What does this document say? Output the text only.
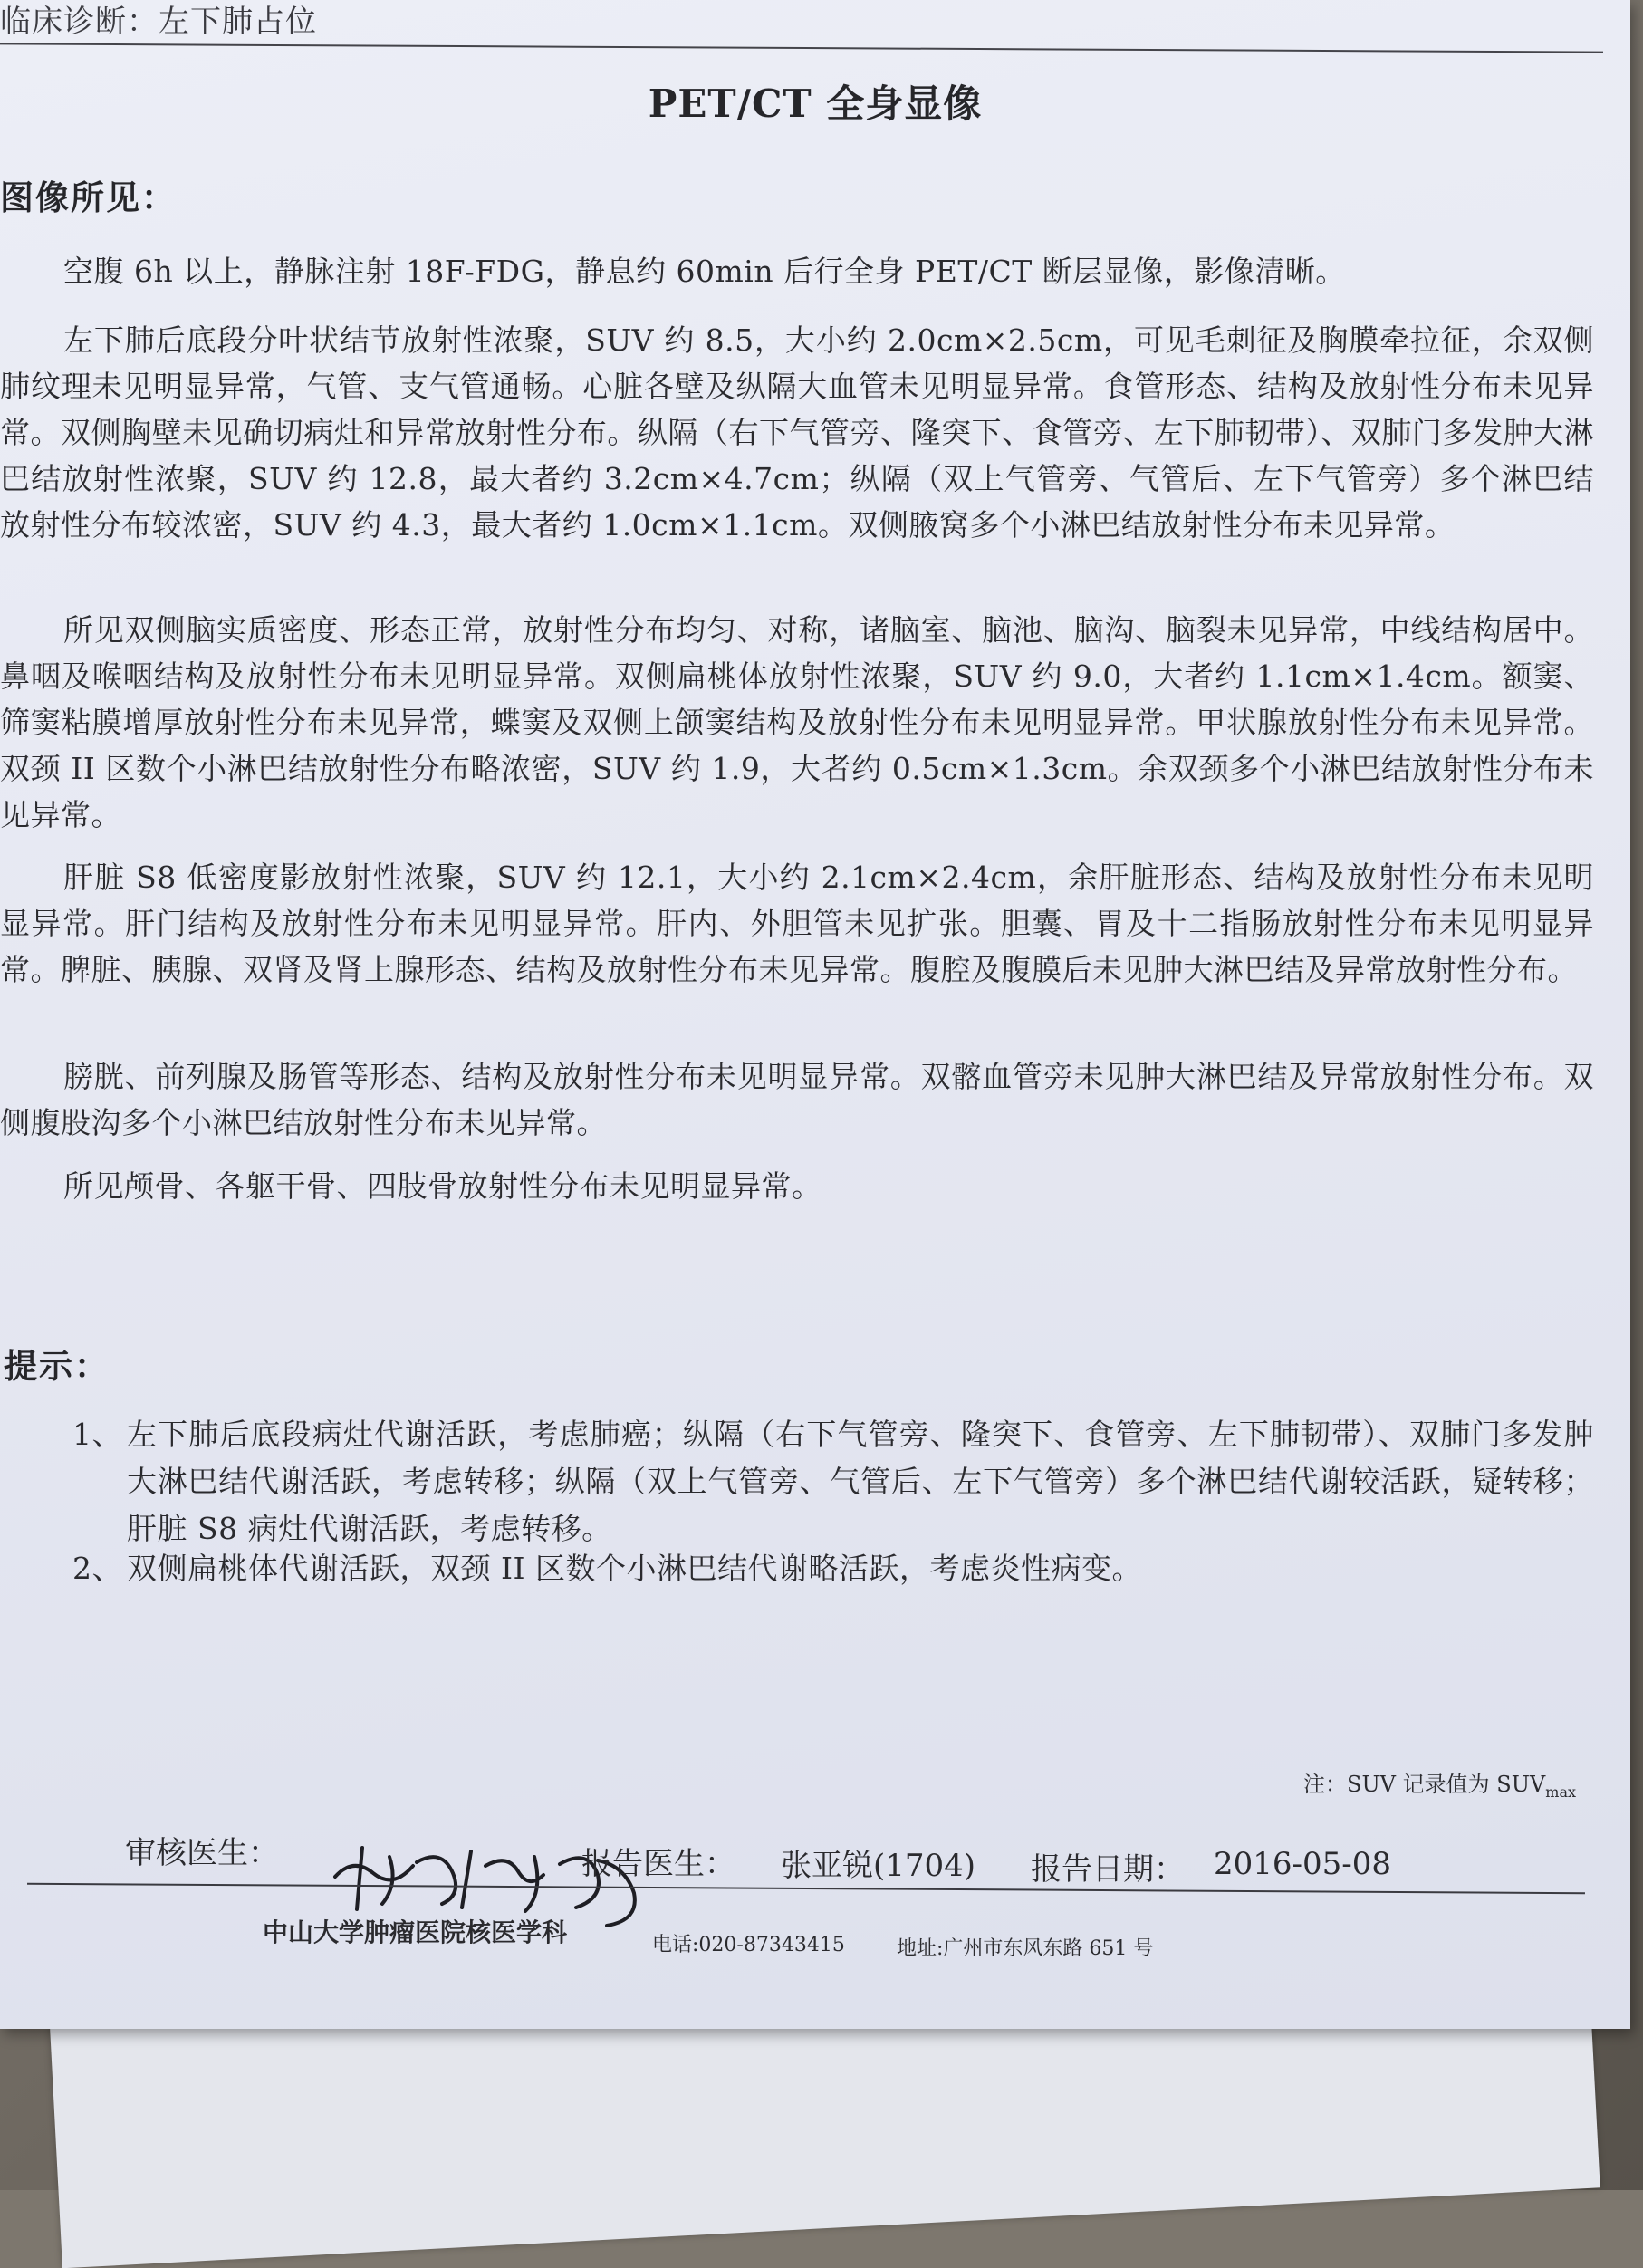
临床诊断：左下肺占位
PET/CT 全身显像
图像所见：
空腹 6h 以上，静脉注射 18F-FDG，静息约 60min 后行全身 PET/CT 断层显像，影像清晰。
左下肺后底段分叶状结节放射性浓聚，SUV 约 8.5，大小约 2.0cm×2.5cm，可见毛刺征及胸膜牵拉征，余双侧肺纹理未见明显异常，气管、支气管通畅。心脏各壁及纵隔大血管未见明显异常。食管形态、结构及放射性分布未见异常。双侧胸壁未见确切病灶和异常放射性分布。纵隔（右下气管旁、隆突下、食管旁、左下肺韧带）、双肺门多发肿大淋巴结放射性浓聚，SUV 约 12.8，最大者约 3.2cm×4.7cm；纵隔（双上气管旁、气管后、左下气管旁）多个淋巴结放射性分布较浓密，SUV 约 4.3，最大者约 1.0cm×1.1cm。双侧腋窝多个小淋巴结放射性分布未见异常。
所见双侧脑实质密度、形态正常，放射性分布均匀、对称，诸脑室、脑池、脑沟、脑裂未见异常，中线结构居中。鼻咽及喉咽结构及放射性分布未见明显异常。双侧扁桃体放射性浓聚，SUV 约 9.0，大者约 1.1cm×1.4cm。额窦、筛窦粘膜增厚放射性分布未见异常，蝶窦及双侧上颌窦结构及放射性分布未见明显异常。甲状腺放射性分布未见异常。双颈 II 区数个小淋巴结放射性分布略浓密，SUV 约 1.9，大者约 0.5cm×1.3cm。余双颈多个小淋巴结放射性分布未见异常。
肝脏 S8 低密度影放射性浓聚，SUV 约 12.1，大小约 2.1cm×2.4cm，余肝脏形态、结构及放射性分布未见明显异常。肝门结构及放射性分布未见明显异常。肝内、外胆管未见扩张。胆囊、胃及十二指肠放射性分布未见明显异常。脾脏、胰腺、双肾及肾上腺形态、结构及放射性分布未见异常。腹腔及腹膜后未见肿大淋巴结及异常放射性分布。
膀胱、前列腺及肠管等形态、结构及放射性分布未见明显异常。双髂血管旁未见肿大淋巴结及异常放射性分布。双侧腹股沟多个小淋巴结放射性分布未见异常。
所见颅骨、各躯干骨、四肢骨放射性分布未见明显异常。
提示：
1、 左下肺后底段病灶代谢活跃，考虑肺癌；纵隔（右下气管旁、隆突下、食管旁、左下肺韧带）、双肺门多发肿大淋巴结代谢活跃，考虑转移；纵隔（双上气管旁、气管后、左下气管旁）多个淋巴结代谢较活跃，疑转移；肝脏 S8 病灶代谢活跃，考虑转移。
2、 双侧扁桃体代谢活跃，双颈 II 区数个小淋巴结代谢略活跃，考虑炎性病变。
注：SUV 记录值为 $SUV_{max}$
审核医生：	报告医生： 张亚锐(1704) 报告日期： 2016-05-08
中山大学肿瘤医院核医学科	电话:020-87343415	地址:广州市东风东路 651 号
